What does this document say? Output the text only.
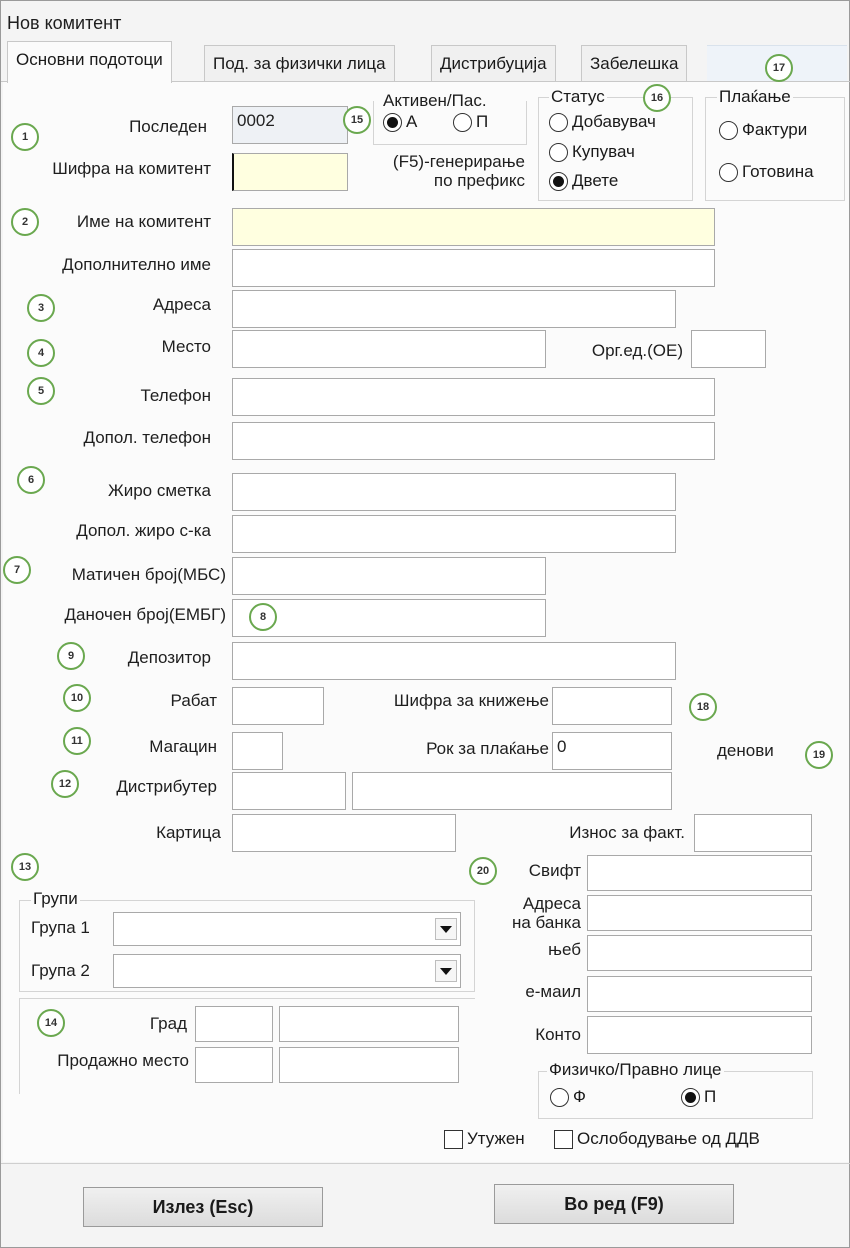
Нов комитент
Основни подотоци	Под. за физички лица	Дистрибуција	Забелешка
Последен 0002
Активен/Пас.
А	П
Статус
Добавувач
Купувач
Двете
Плаќање
Фактури
Готовина
Шифра на комитент	(F5)-генерирање
по префикс
Име на комитент
Дополнително име
Адреса
Место	Орг.ед.(ОЕ)
Телефон
Допол. телефон
Жиро сметка
Допол. жиро с-ка
Матичен број(МБС)
Даночен број(ЕМБГ)
Депозитор
Рабат	Шифра за книжење
Магацин	Рок за плаќање 0	денови
Дистрибутер
Картица	Износ за факт.
Свифт
Адреса
на банка
њеб
е-маил
Конто
Групи
Група 1
Група 2
Град
Продажно место	Физичко/Правно лице
Ф	П
Утужен	Ослободување од ДДВ
Излез (Esc)	Во ред (F9)
1
2
3
4
5
6
7
8
9
10
11
12
13
14
15
16
17
18
19
20
